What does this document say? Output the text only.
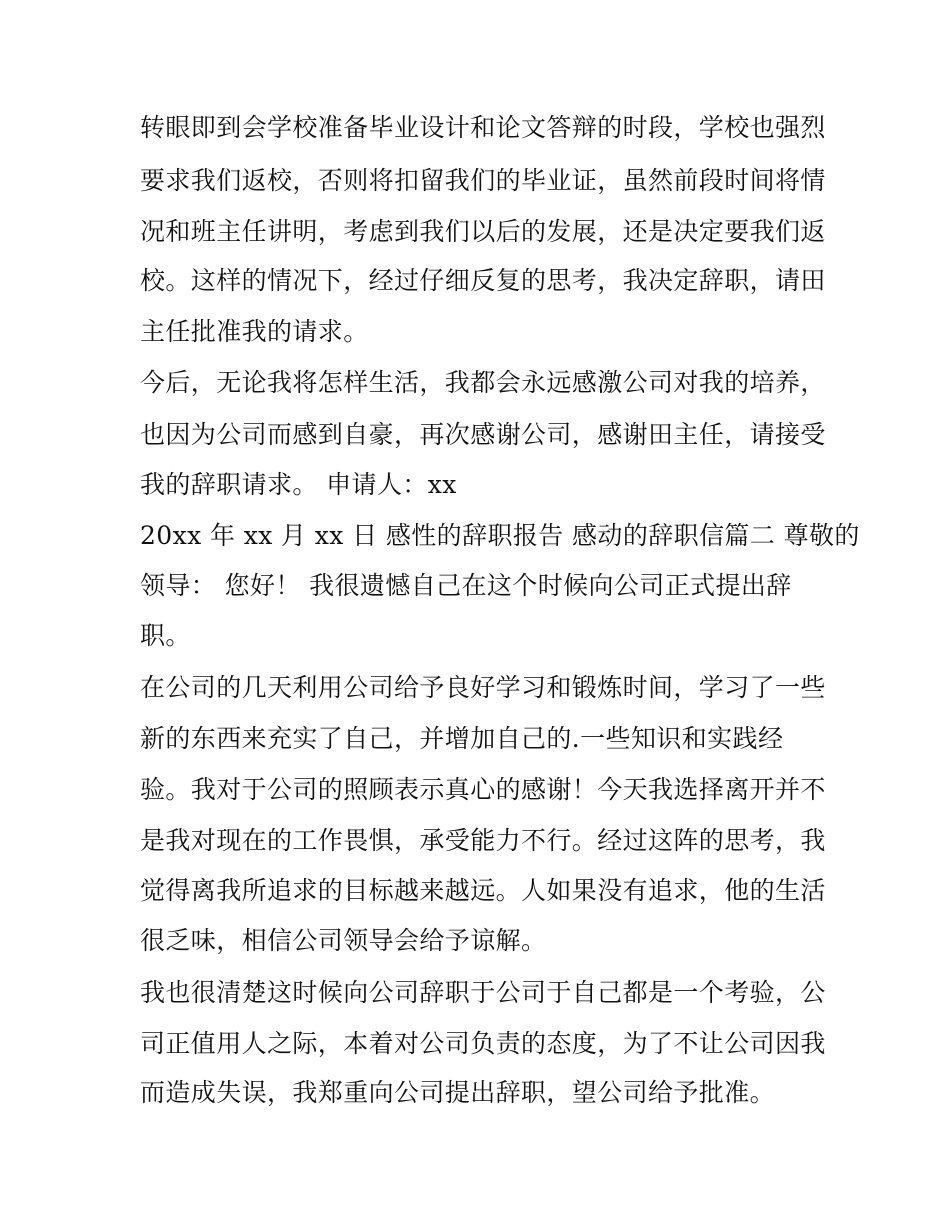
转眼即到会学校准备毕业设计和论文答辩的时段，学校也强烈
要求我们返校，否则将扣留我们的毕业证，虽然前段时间将情
况和班主任讲明，考虑到我们以后的发展，还是决定要我们返
校。这样的情况下，经过仔细反复的思考，我决定辞职，请田
主任批准我的请求。
今后，无论我将怎样生活，我都会永远感激公司对我的培养，
也因为公司而感到自豪，再次感谢公司，感谢田主任，请接受
我的辞职请求。 申请人：xx
20xx 年 xx 月 xx 日 感性的辞职报告 感动的辞职信篇二 尊敬的
领导： 您好！ 我很遗憾自己在这个时候向公司正式提出辞
职。
在公司的几天利用公司给予良好学习和锻炼时间，学习了一些
新的东西来充实了自己，并增加自己的.一些知识和实践经
验。我对于公司的照顾表示真心的感谢！今天我选择离开并不
是我对现在的工作畏惧，承受能力不行。经过这阵的思考，我
觉得离我所追求的目标越来越远。人如果没有追求，他的生活
很乏味，相信公司领导会给予谅解。
我也很清楚这时候向公司辞职于公司于自己都是一个考验，公
司正值用人之际，本着对公司负责的态度，为了不让公司因我
而造成失误，我郑重向公司提出辞职，望公司给予批准。
